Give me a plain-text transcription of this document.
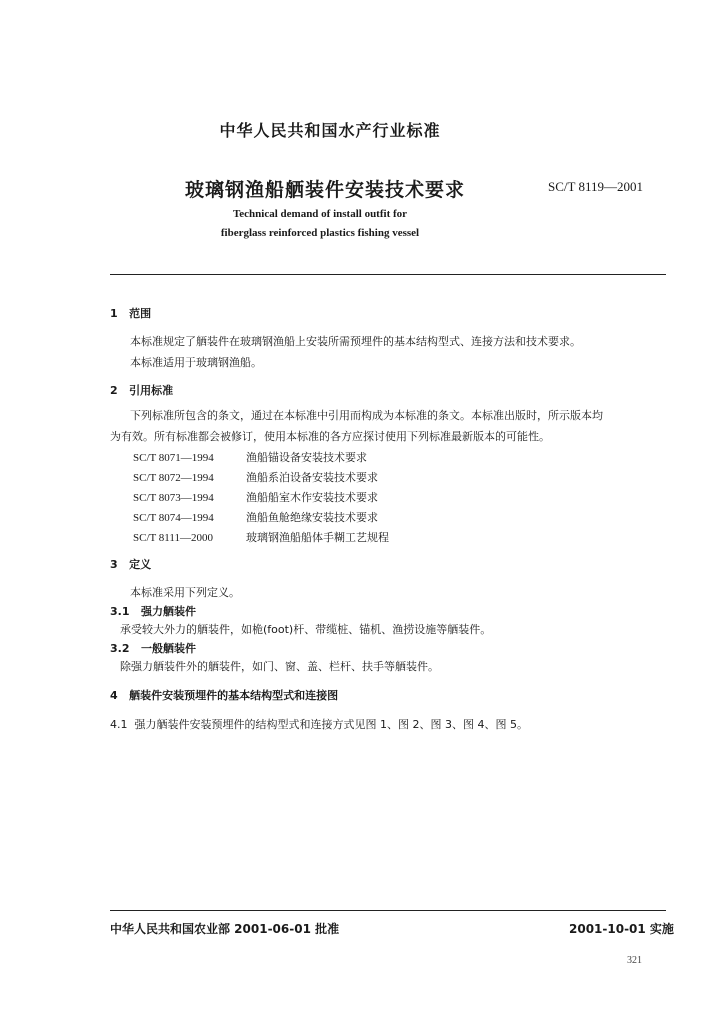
中华人民共和国水产行业标准
玻璃钢渔船舾装件安装技术要求	SC/T 8119—2001
Technical demand of install outfit for
fiberglass reinforced plastics fishing vessel
1 范围
本标准规定了舾装件在玻璃钢渔船上安装所需预埋件的基本结构型式、连接方法和技术要求。
本标准适用于玻璃钢渔船。
2 引用标准
下列标准所包含的条文，通过在本标准中引用而构成为本标准的条文。本标准出版时，所示版本均
为有效。所有标准都会被修订，使用本标准的各方应探讨使用下列标准最新版本的可能性。
SC/T 8071—1994	渔船锚设备安装技术要求
SC/T 8072—1994	渔船系泊设备安装技术要求
SC/T 8073—1994	渔船船室木作安装技术要求
SC/T 8074—1994	渔船鱼舱绝缘安装技术要求
SC/T 8111—2000	玻璃钢渔船船体手糊工艺规程
3 定义
本标准采用下列定义。
3.1 强力舾装件
承受较大外力的舾装件，如桅(foot)杆、带缆桩、锚机、渔捞设施等舾装件。
3.2 一般舾装件
除强力舾装件外的舾装件，如门、窗、盖、栏杆、扶手等舾装件。
4 舾装件安装预埋件的基本结构型式和连接图
4.1 强力舾装件安装预埋件的结构型式和连接方式见图 1、图 2、图 3、图 4、图 5。
中华人民共和国农业部 2001-06-01 批准	2001-10-01 实施
321
